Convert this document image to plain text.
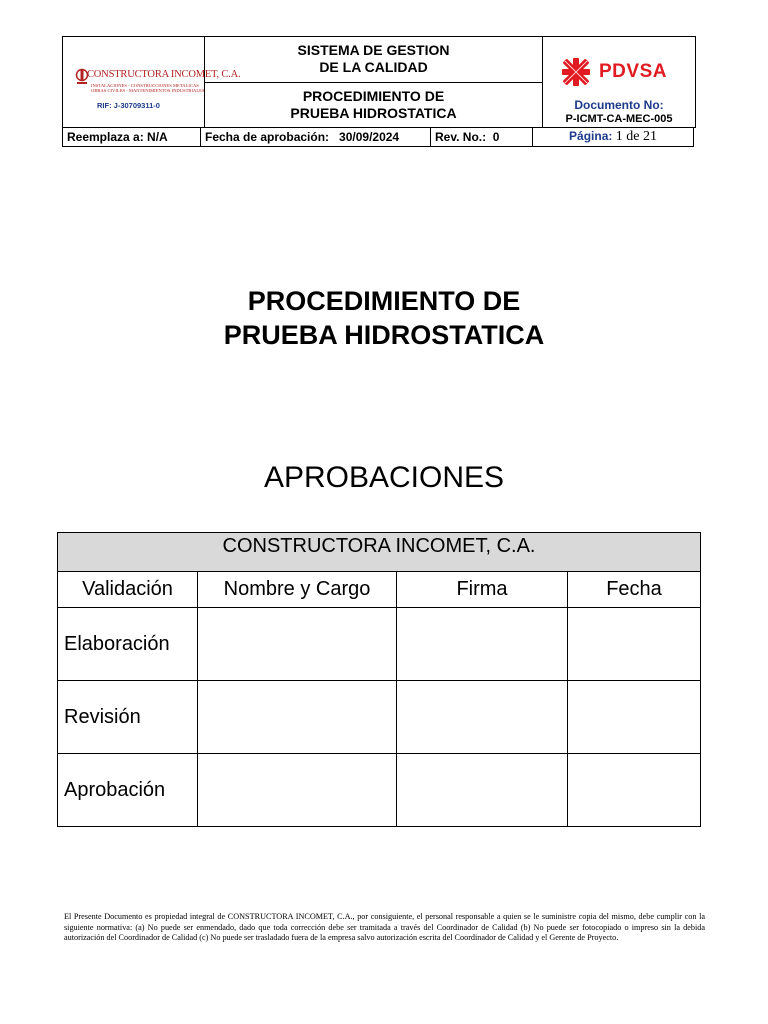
CONSTRUCTORA INCOMET, C.A.
INSTALACIONES - CONSTRUCCIONES METALICAS
OBRAS CIVILES - MANTENIMIENTOS INDUSTRIALES
RIF: J-30709311-0

SISTEMA DE GESTION
DE LA CALIDAD	PDVSA
Documento No:
P-ICMT-CA-MEC-005

PROCEDIMIENTO DE
PRUEBA HIDROSTATICA
Reemplaza a: N/A	Fecha de aprobación: 30/09/2024	Rev. No.: 0	Página: 1 de 21
PROCEDIMIENTO DE
PRUEBA HIDROSTATICA
APROBACIONES
CONSTRUCTORA INCOMET, C.A.			
Validación	Nombre y Cargo	Firma	Fecha
Elaboración			
Revisión			
Aprobación			
El Presente Documento es propiedad integral de CONSTRUCTORA INCOMET, C.A., por consiguiente, el personal responsable a quien se le suministre copia del mismo, debe cumplir con la siguiente normativa: (a) No puede ser enmendado, dado que toda corrección debe ser tramitada a través del Coordinador de Calidad (b) No puede ser fotocopiado o impreso sin la debida autorización del Coordinador de Calidad (c) No puede ser trasladado fuera de la empresa salvo autorización escrita del Coordinador de Calidad y el Gerente de Proyecto.
